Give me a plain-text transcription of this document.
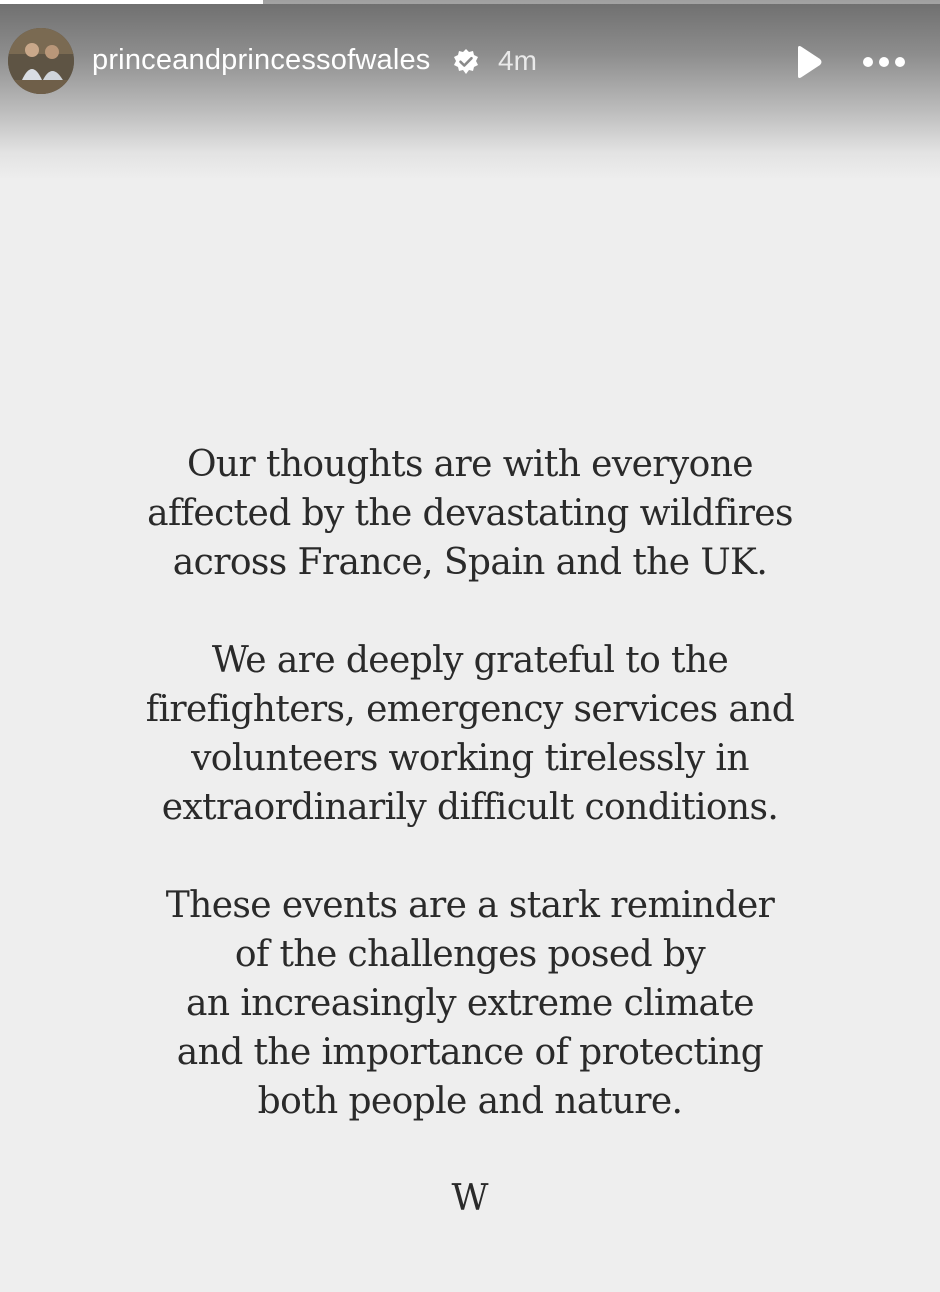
princeandprincessofwales 4m

Our thoughts are with everyone
affected by the devastating wildfires
across France, Spain and the UK.

We are deeply grateful to the
firefighters, emergency services and
volunteers working tirelessly in
extraordinarily difficult conditions.

These events are a stark reminder
of the challenges posed by
an increasingly extreme climate
and the importance of protecting
both people and nature.

W
